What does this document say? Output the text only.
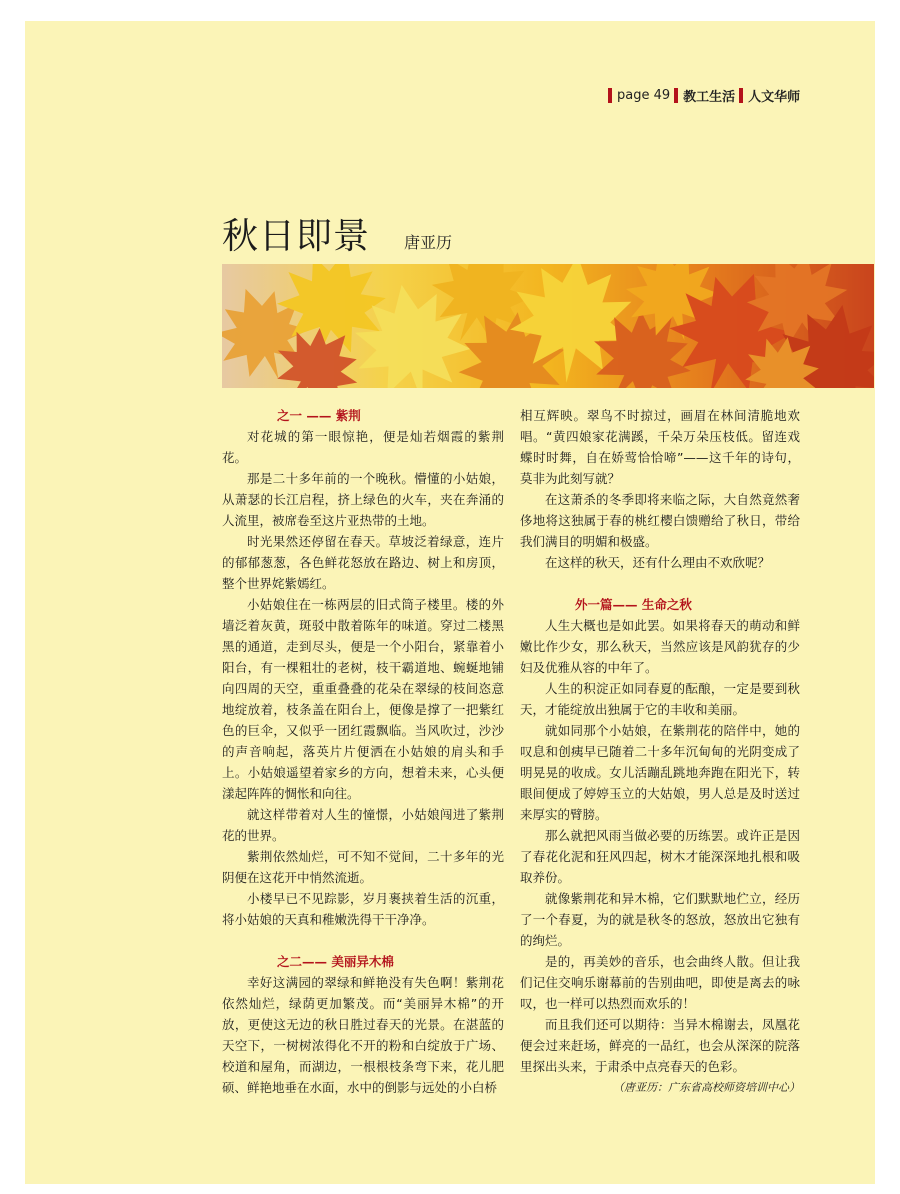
page 49 教工生活 人文华师
秋日即景 唐亚历

之一 —— 紫荆

对花城的第一眼惊艳，便是灿若烟霞的紫荆花。

那是二十多年前的一个晚秋。懵懂的小姑娘，从萧瑟的长江启程，挤上绿色的火车，夹在奔涌的人流里，被席卷至这片亚热带的土地。

时光果然还停留在春天。草坡泛着绿意，连片的郁郁葱葱，各色鲜花怒放在路边、树上和房顶，整个世界姹紫嫣红。

小姑娘住在一栋两层的旧式筒子楼里。楼的外墙泛着灰黄，斑驳中散着陈年的味道。穿过二楼黑黑的通道，走到尽头，便是一个小阳台，紧靠着小阳台，有一棵粗壮的老树，枝干霸道地、蜿蜒地铺向四周的天空，重重叠叠的花朵在翠绿的枝间恣意地绽放着，枝条盖在阳台上，便像是撑了一把紫红色的巨伞，又似乎一团红霞飘临。当风吹过，沙沙的声音响起，落英片片便洒在小姑娘的肩头和手上。小姑娘遥望着家乡的方向，想着未来，心头便漾起阵阵的惆怅和向往。

就这样带着对人生的憧憬，小姑娘闯进了紫荆花的世界。

紫荆依然灿烂，可不知不觉间，二十多年的光阴便在这花开中悄然流逝。

小楼早已不见踪影，岁月裹挟着生活的沉重，将小姑娘的天真和稚嫩洗得干干净净。

之二—— 美丽异木棉

幸好这满园的翠绿和鲜艳没有失色啊！紫荆花依然灿烂，绿荫更加繁茂。而“美丽异木棉”的开放，更使这无边的秋日胜过春天的光景。在湛蓝的天空下，一树树浓得化不开的粉和白绽放于广场、校道和屋角，而湖边，一根根枝条弯下来，花儿肥硕、鲜艳地垂在水面，水中的倒影与远处的小白桥

相互辉映。翠鸟不时掠过，画眉在林间清脆地欢唱。“黄四娘家花满蹊，千朵万朵压枝低。留连戏蝶时时舞，自在娇莺恰恰啼”——这千年的诗句，莫非为此刻写就？

在这萧杀的冬季即将来临之际，大自然竟然奢侈地将这独属于春的桃红樱白馈赠给了秋日，带给我们满目的明媚和极盛。

在这样的秋天，还有什么理由不欢欣呢？

外一篇—— 生命之秋

人生大概也是如此罢。如果将春天的萌动和鲜嫩比作少女，那么秋天，当然应该是风韵犹存的少妇及优雅从容的中年了。

人生的积淀正如同春夏的酝酿，一定是要到秋天，才能绽放出独属于它的丰收和美丽。

就如同那个小姑娘，在紫荆花的陪伴中，她的叹息和创痍早已随着二十多年沉甸甸的光阴变成了明晃晃的收成。女儿活蹦乱跳地奔跑在阳光下，转眼间便成了婷婷玉立的大姑娘，男人总是及时送过来厚实的臂膀。

那么就把风雨当做必要的历练罢。或许正是因了春花化泥和狂风四起，树木才能深深地扎根和吸取养份。

就像紫荆花和异木棉，它们默默地伫立，经历了一个春夏，为的就是秋冬的怒放，怒放出它独有的绚烂。

是的，再美妙的音乐，也会曲终人散。但让我们记住交响乐谢幕前的告别曲吧，即使是离去的咏叹，也一样可以热烈而欢乐的！

而且我们还可以期待：当异木棉谢去，凤凰花便会过来赶场，鲜亮的一品红，也会从深深的院落里探出头来，于肃杀中点亮春天的色彩。

（唐亚历：广东省高校师资培训中心）
